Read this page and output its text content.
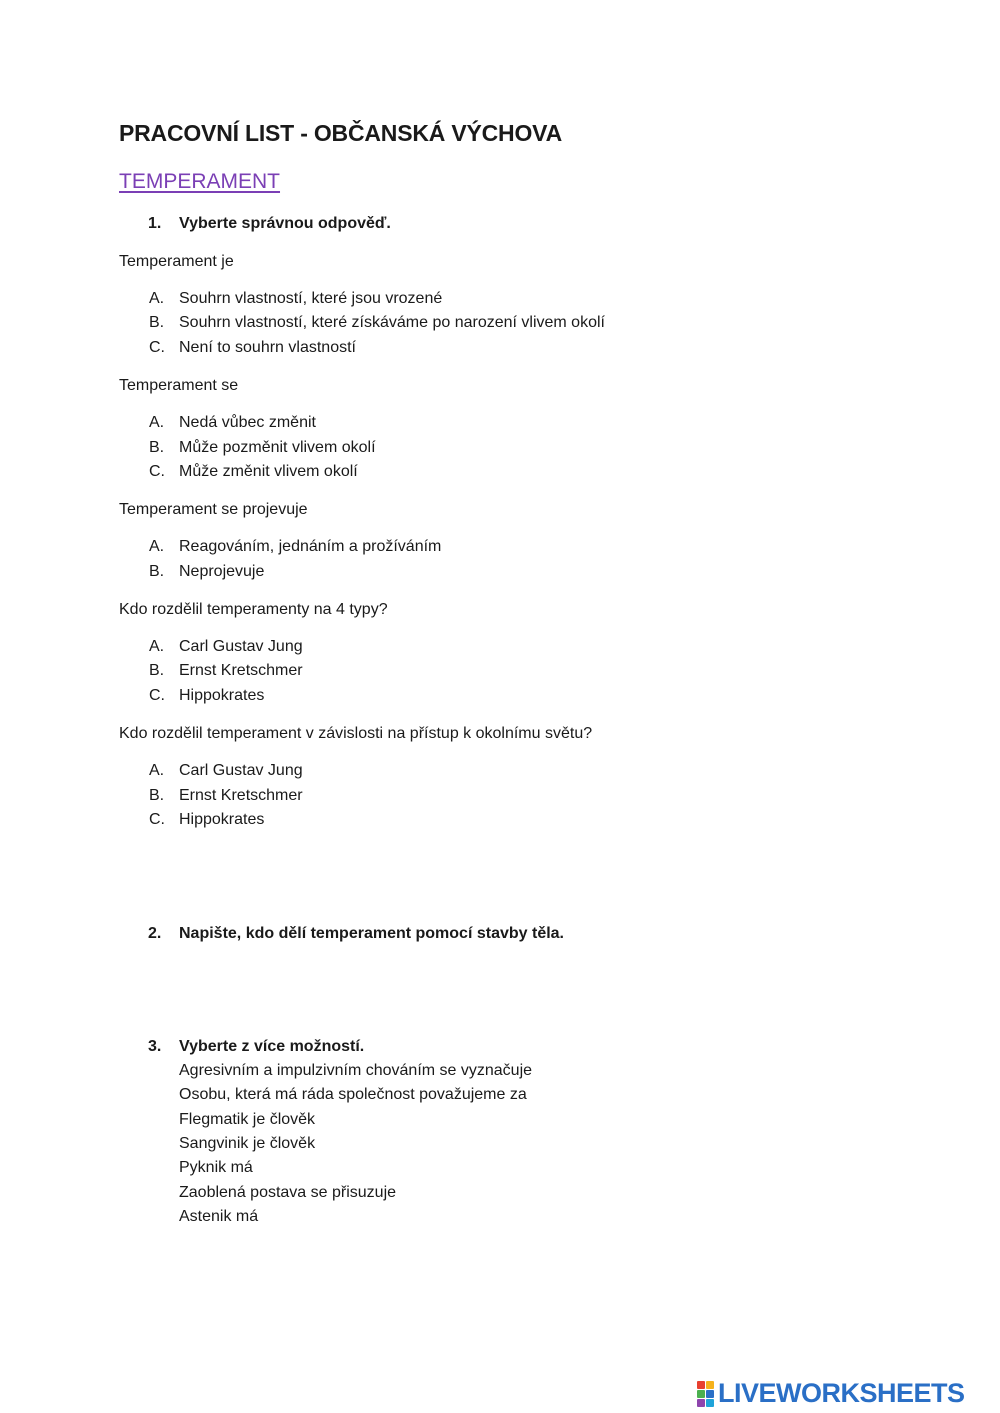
PRACOVNÍ LIST - OBČANSKÁ VÝCHOVA
TEMPERAMENT
1. Vyberte správnou odpověď.
Temperament je
A. Souhrn vlastností, které jsou vrozené
B. Souhrn vlastností, které získáváme po narození vlivem okolí
C. Není to souhrn vlastností
Temperament se
A. Nedá vůbec změnit
B. Může pozměnit vlivem okolí
C. Může změnit vlivem okolí
Temperament se projevuje
A. Reagováním, jednáním a prožíváním
B. Neprojevuje
Kdo rozdělil temperamenty na 4 typy?
A. Carl Gustav Jung
B. Ernst Kretschmer
C. Hippokrates
Kdo rozdělil temperament v závislosti na přístup k okolnímu světu?
A. Carl Gustav Jung
B. Ernst Kretschmer
C. Hippokrates
2. Napište, kdo dělí temperament pomocí stavby těla.
3. Vyberte z více možností.
Agresivním a impulzivním chováním se vyznačuje
Osobu, která má ráda společnost považujeme za
Flegmatik je člověk
Sangvinik je člověk
Pyknik má
Zaoblená postava se přisuzuje
Astenik má
LIVEWORKSHEETS
